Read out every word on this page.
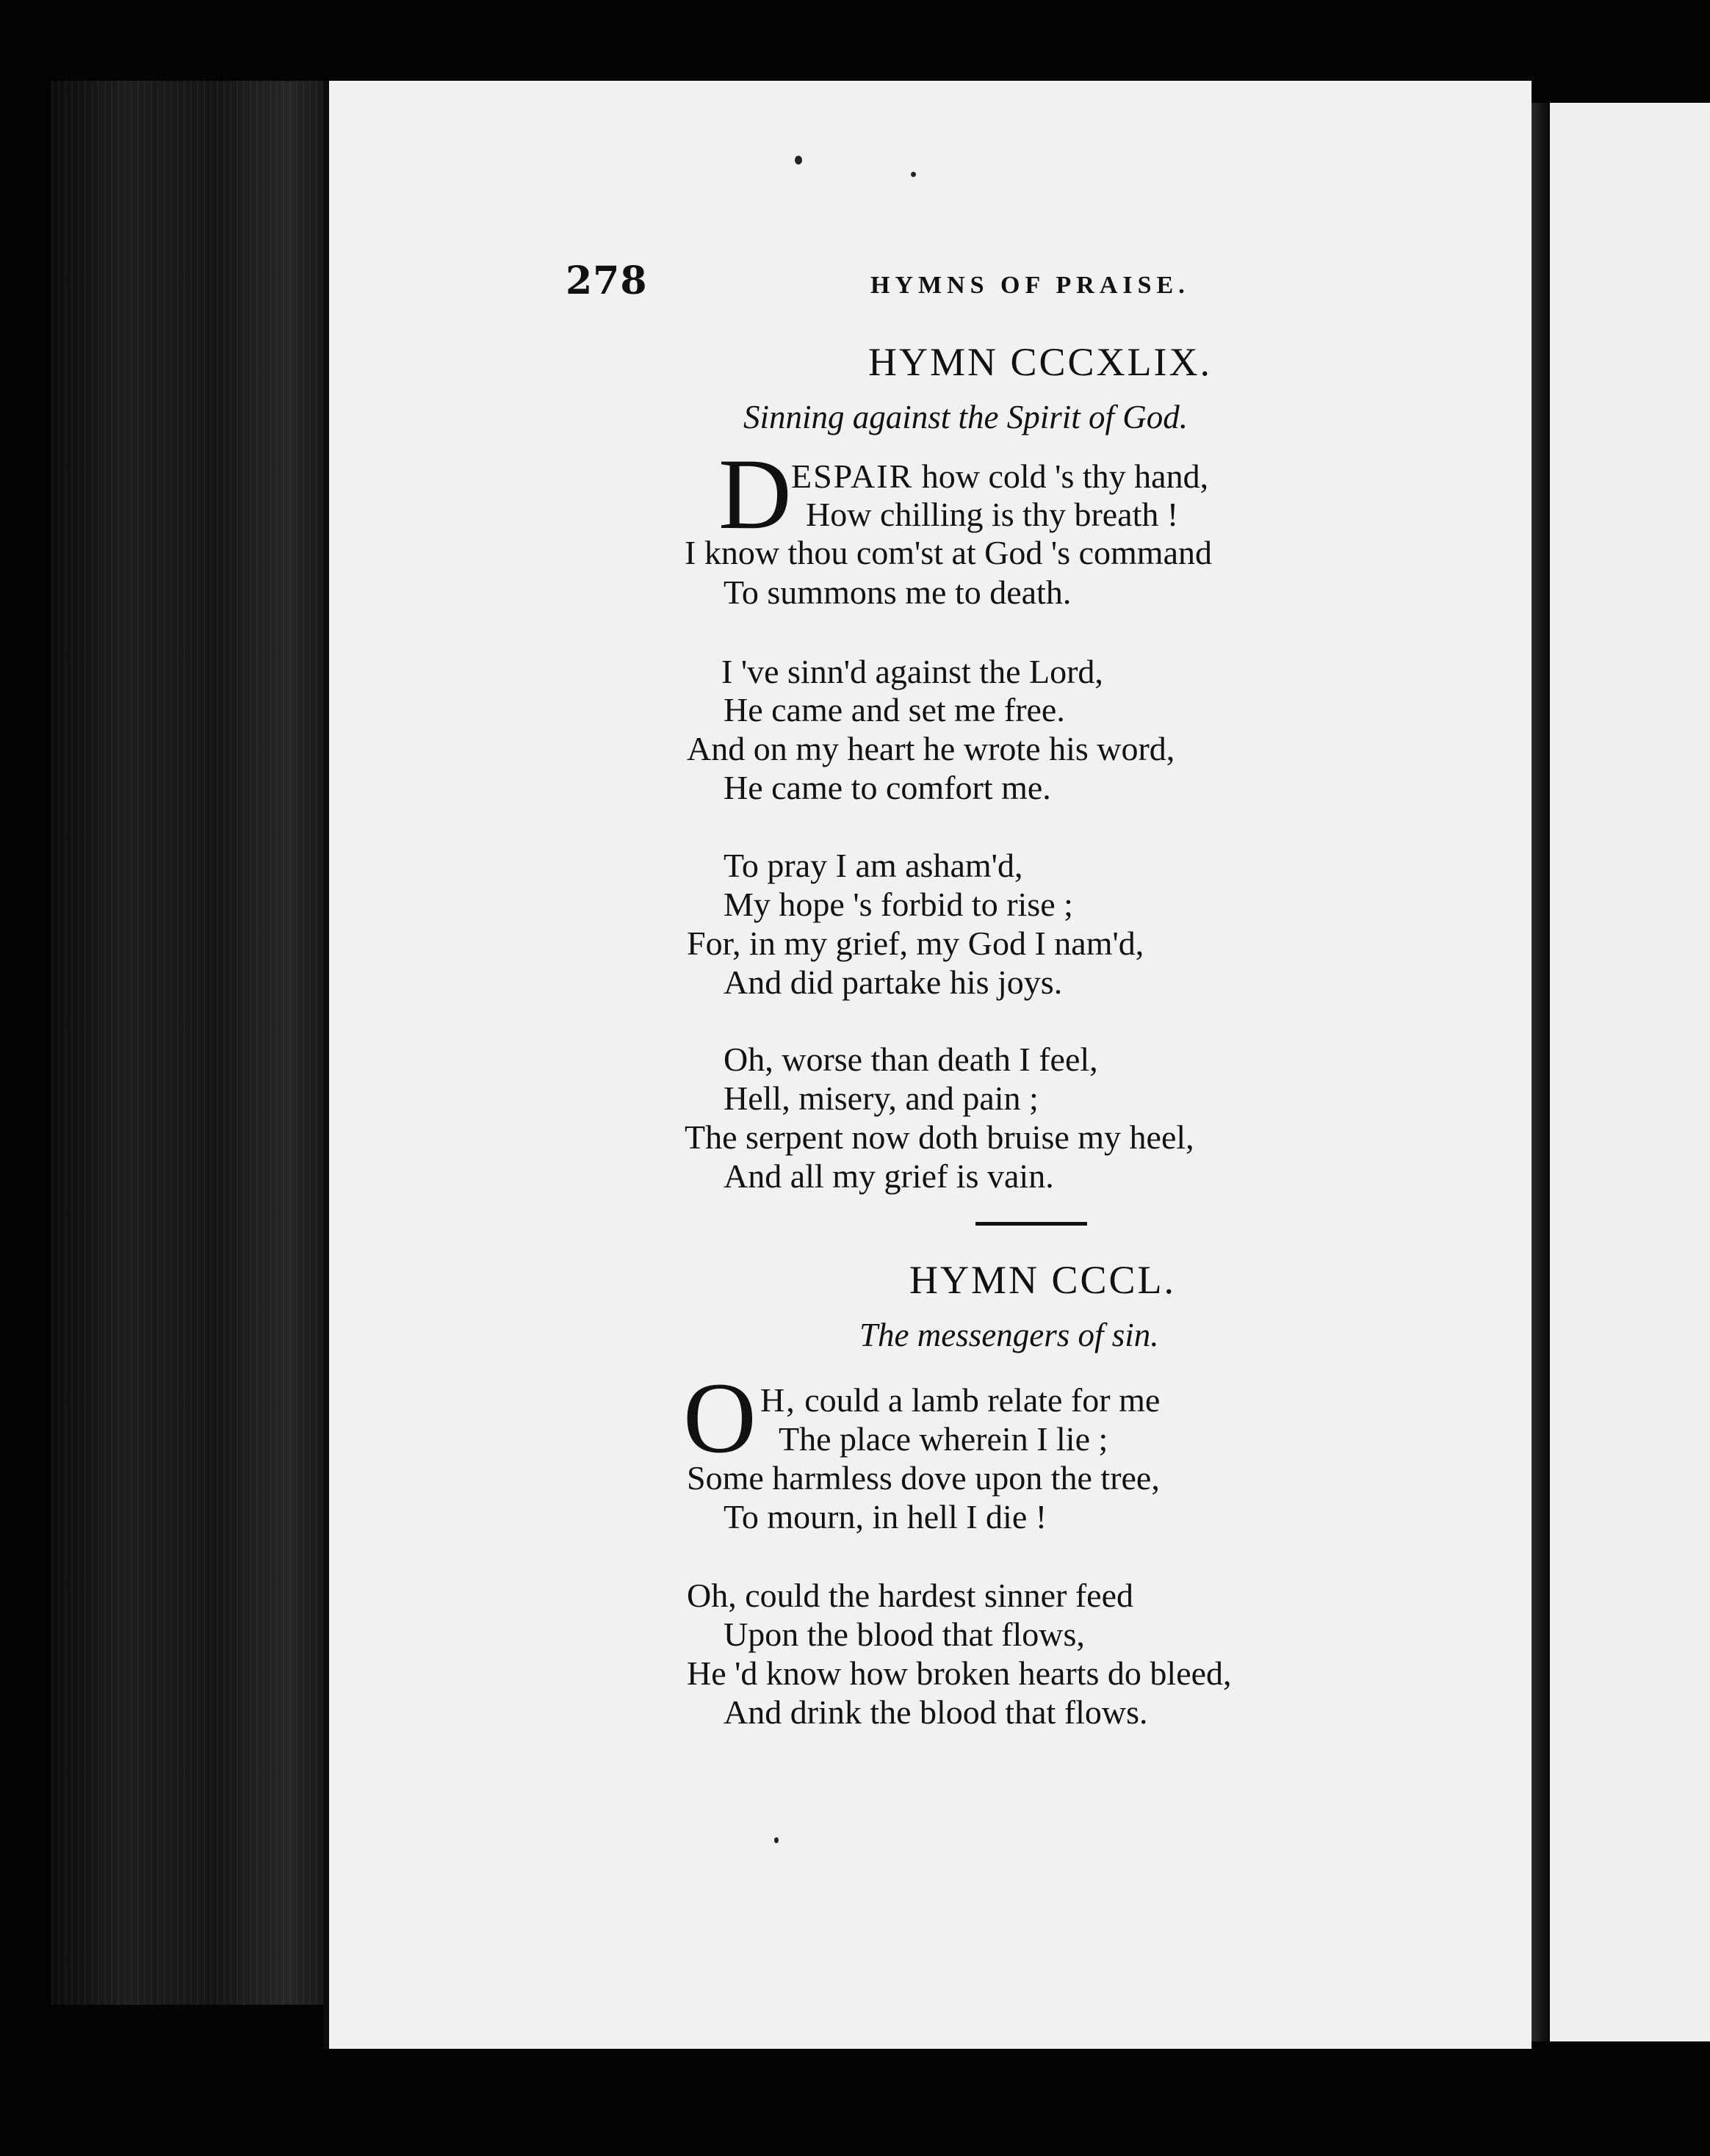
278	HYMNS OF PRAISE.
HYMN CCCXLIX.
Sinning against the Spirit of God.
D ESPAIR how cold 's thy hand,
How chilling is thy breath !
I know thou com'st at God 's command
To summons me to death.
I 've sinn'd against the Lord,
He came and set me free.
And on my heart he wrote his word,
He came to comfort me.
To pray I am asham'd,
My hope 's forbid to rise ;
For, in my grief, my God I nam'd,
And did partake his joys.
Oh, worse than death I feel,
Hell, misery, and pain ;
The serpent now doth bruise my heel,
And all my grief is vain.
HYMN CCCL.
The messengers of sin.
O H, could a lamb relate for me
The place wherein I lie ;
Some harmless dove upon the tree,
To mourn, in hell I die !
Oh, could the hardest sinner feed
Upon the blood that flows,
He 'd know how broken hearts do bleed,
And drink the blood that flows.
